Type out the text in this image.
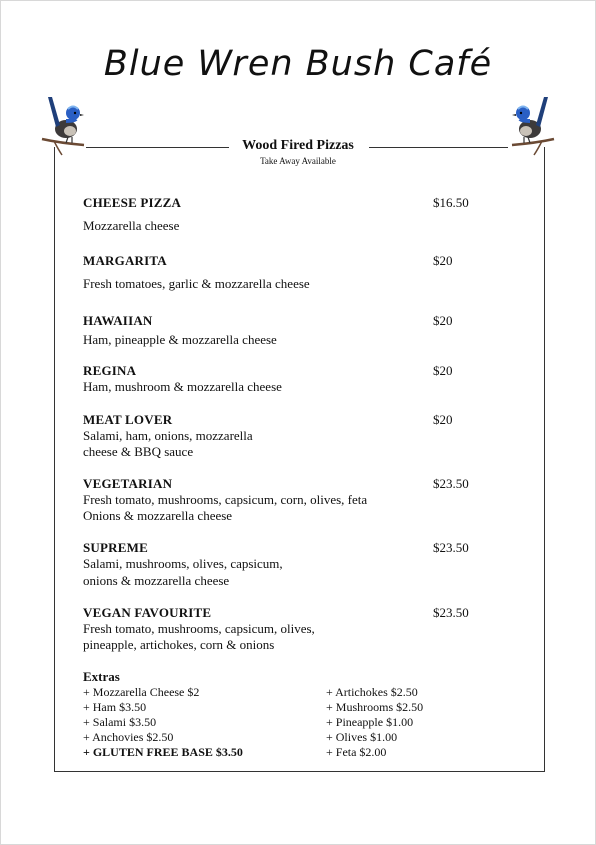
Blue Wren Bush Café
Wood Fired Pizzas
Take Away Available
CHEESE PIZZA	$16.50
Mozzarella cheese
MARGARITA	$20
Fresh tomatoes, garlic & mozzarella cheese
HAWAIIAN	$20
Ham, pineapple & mozzarella cheese
REGINA	$20
Ham, mushroom & mozzarella cheese
MEAT LOVER	$20
Salami, ham, onions, mozzarella
cheese & BBQ sauce
VEGETARIAN	$23.50
Fresh tomato, mushrooms, capsicum, corn, olives, feta
Onions & mozzarella cheese
SUPREME	$23.50
Salami, mushrooms, olives, capsicum,
onions & mozzarella cheese
VEGAN FAVOURITE	$23.50
Fresh tomato, mushrooms, capsicum, olives,
pineapple, artichokes, corn & onions
Extras
+ Mozzarella Cheese $2
+ Ham $3.50
+ Salami $3.50
+ Anchovies $2.50
+ GLUTEN FREE BASE $3.50
+ Artichokes $2.50
+ Mushrooms $2.50
+ Pineapple $1.00
+ Olives $1.00
+ Feta $2.00
